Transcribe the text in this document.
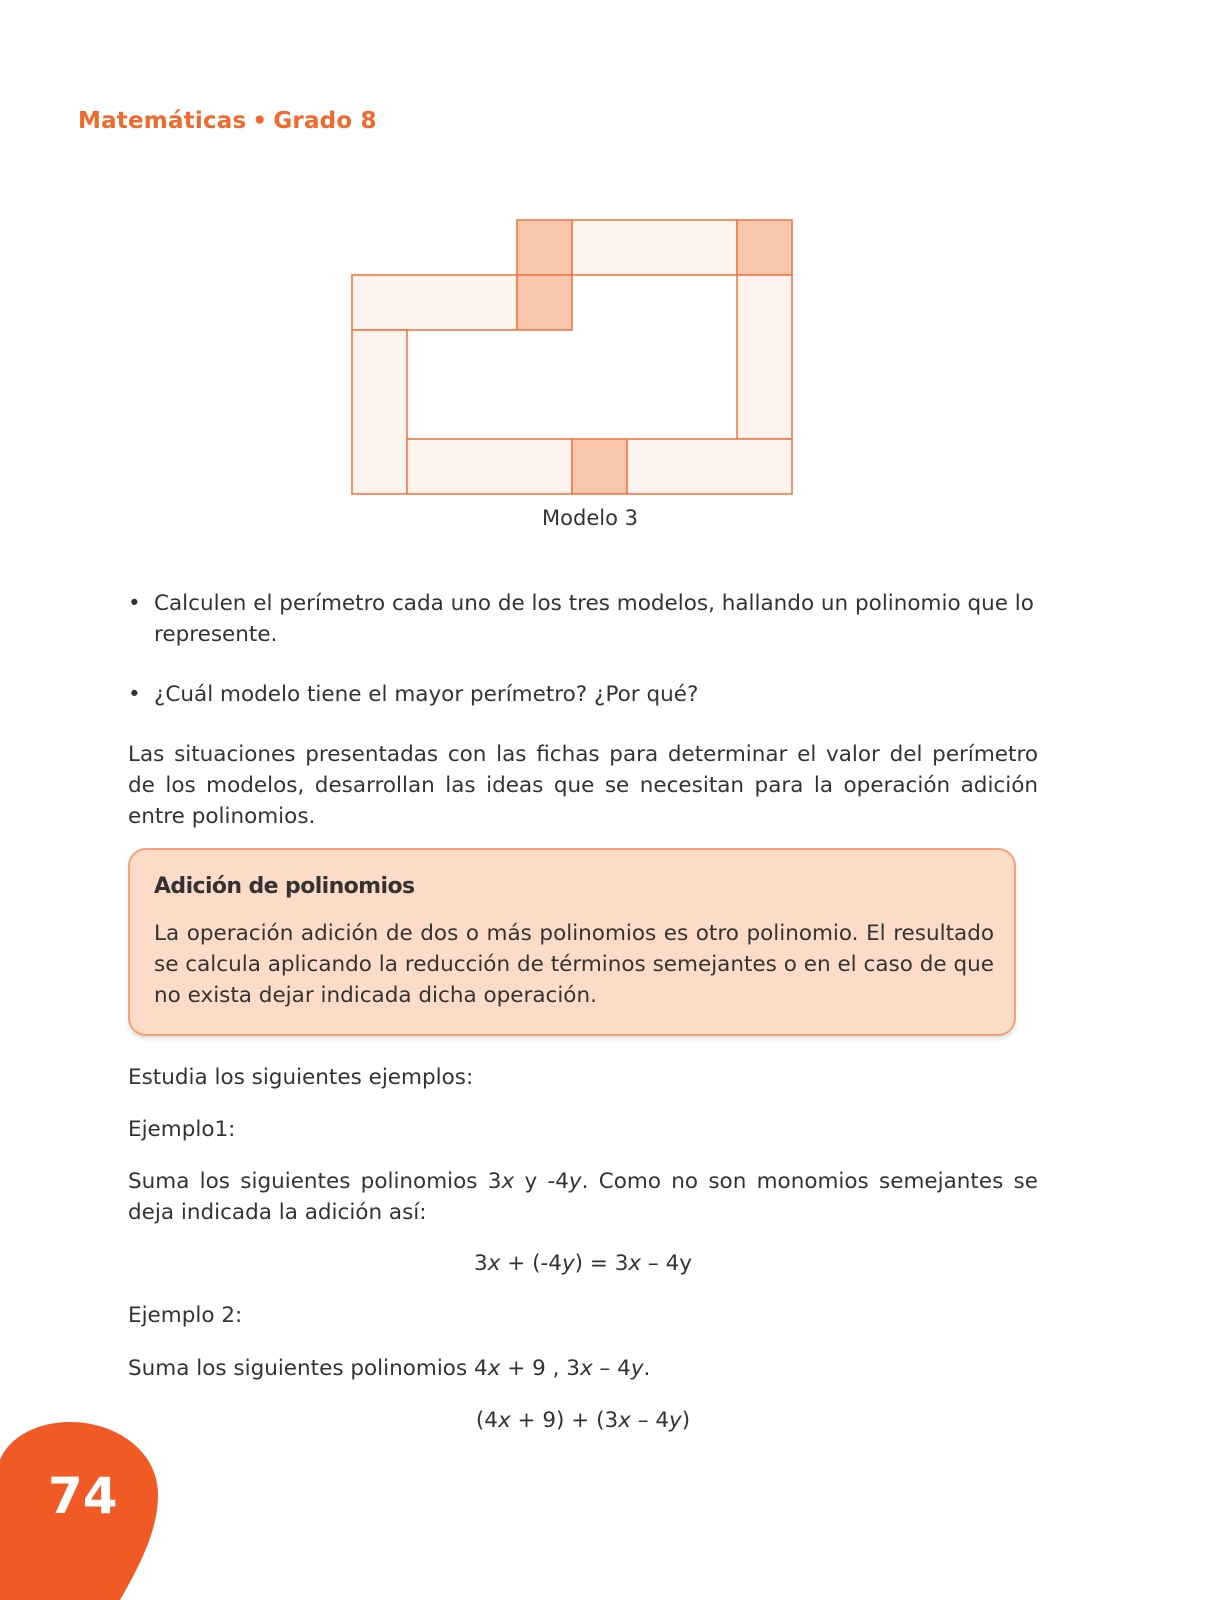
Matemáticas • Grado 8
Modelo 3
• Calculen el perímetro cada uno de los tres modelos, hallando un polinomio que lo represente.
• ¿Cuál modelo tiene el mayor perímetro? ¿Por qué?
Las situaciones presentadas con las fichas para determinar el valor del perímetro de los modelos, desarrollan las ideas que se necesitan para la operación adición entre polinomios.
Adición de polinomios
La operación adición de dos o más polinomios es otro polinomio. El resultado se calcula aplicando la reducción de términos semejantes o en el caso de que no exista dejar indicada dicha operación.
Estudia los siguientes ejemplos:
Ejemplo1:
Suma los siguientes polinomios 3x y -4y. Como no son monomios semejantes se deja indicada la adición así:
3x + (-4y) = 3x – 4y
Ejemplo 2:
Suma los siguientes polinomios 4x + 9 , 3x – 4y.
(4x + 9) + (3x – 4y)
74
